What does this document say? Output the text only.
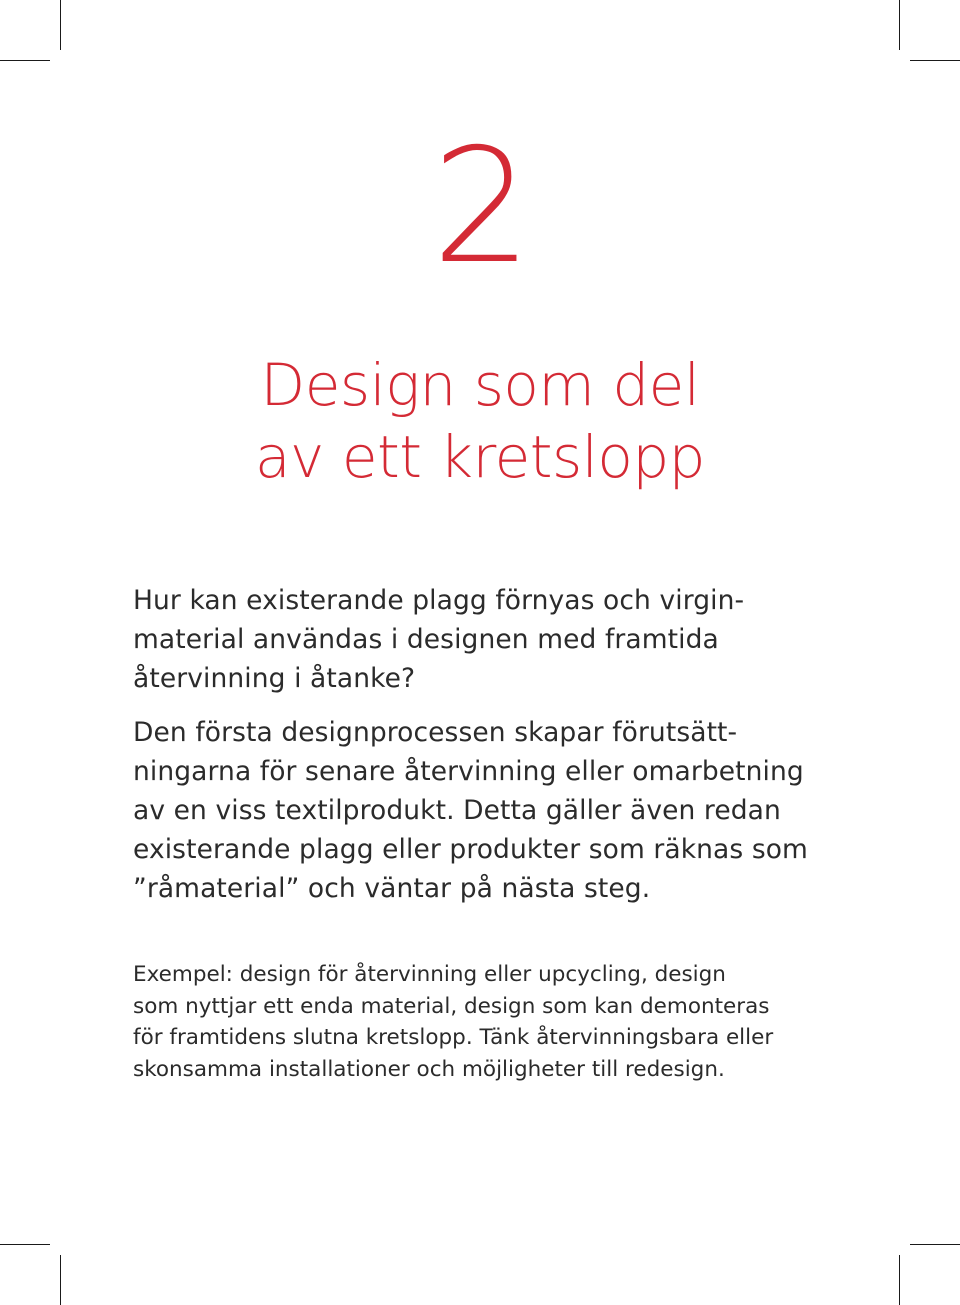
2
Design som del
av ett kretslopp
Hur kan existerande plagg förnyas och virgin-
material användas i designen med framtida
återvinning i åtanke?
Den första designprocessen skapar förutsätt-
ningarna för senare återvinning eller omarbetning
av en viss textilprodukt. Detta gäller även redan
existerande plagg eller produkter som räknas som
”råmaterial” och väntar på nästa steg.
Exempel: design för återvinning eller upcycling, design
som nyttjar ett enda material, design som kan demonteras
för framtidens slutna kretslopp. Tänk återvinningsbara eller
skonsamma installationer och möjligheter till redesign.
